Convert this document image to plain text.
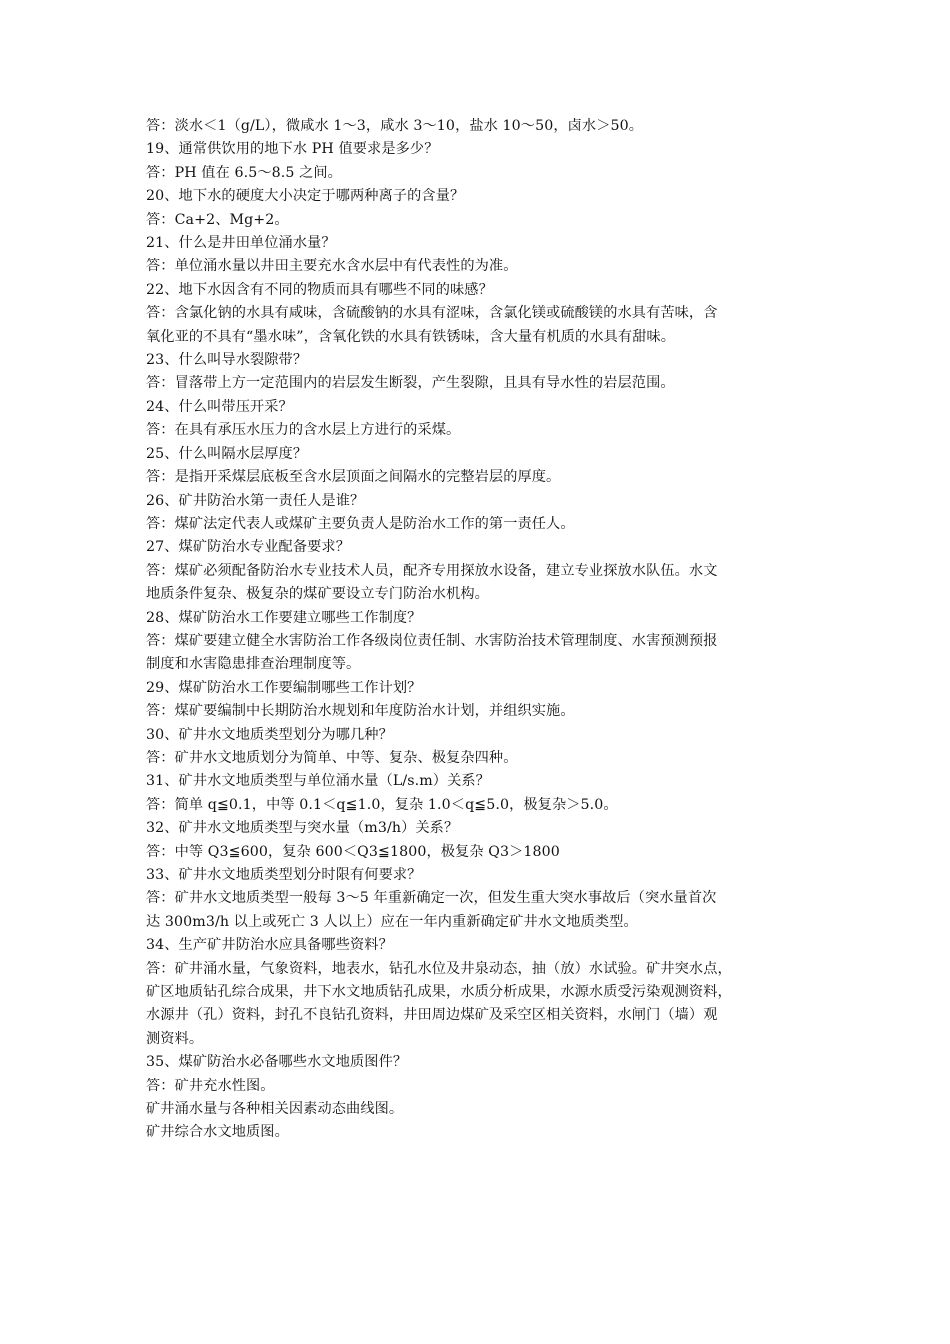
答：淡水＜1（g/L），微咸水 1～3，咸水 3～10，盐水 10～50，卤水＞50。
19、通常供饮用的地下水 PH 值要求是多少？
答：PH 值在 6.5～8.5 之间。
20、地下水的硬度大小决定于哪两种离子的含量？
答：Ca+2、Mg+2。
21、什么是井田单位涌水量？
答：单位涌水量以井田主要充水含水层中有代表性的为准。
22、地下水因含有不同的物质而具有哪些不同的味感？
答：含氯化钠的水具有咸味，含硫酸钠的水具有涩味，含氯化镁或硫酸镁的水具有苦味，含
氧化亚的不具有“墨水味”，含氧化铁的水具有铁锈味，含大量有机质的水具有甜味。
23、什么叫导水裂隙带？
答：冒落带上方一定范围内的岩层发生断裂，产生裂隙，且具有导水性的岩层范围。
24、什么叫带压开采？
答：在具有承压水压力的含水层上方进行的采煤。
25、什么叫隔水层厚度？
答：是指开采煤层底板至含水层顶面之间隔水的完整岩层的厚度。
26、矿井防治水第一责任人是谁？
答：煤矿法定代表人或煤矿主要负责人是防治水工作的第一责任人。
27、煤矿防治水专业配备要求？
答：煤矿必须配备防治水专业技术人员，配齐专用探放水设备，建立专业探放水队伍。水文
地质条件复杂、极复杂的煤矿要设立专门防治水机构。
28、煤矿防治水工作要建立哪些工作制度？
答：煤矿要建立健全水害防治工作各级岗位责任制、水害防治技术管理制度、水害预测预报
制度和水害隐患排查治理制度等。
29、煤矿防治水工作要编制哪些工作计划？
答：煤矿要编制中长期防治水规划和年度防治水计划，并组织实施。
30、矿井水文地质类型划分为哪几种？
答：矿井水文地质划分为简单、中等、复杂、极复杂四种。
31、矿井水文地质类型与单位涌水量（L/s.m）关系？
答：简单 q≦0.1，中等 0.1＜q≦1.0，复杂 1.0＜q≦5.0，极复杂＞5.0。
32、矿井水文地质类型与突水量（m3/h）关系？
答：中等 Q3≦600，复杂 600＜Q3≦1800，极复杂 Q3＞1800
33、矿井水文地质类型划分时限有何要求？
答：矿井水文地质类型一般每 3～5 年重新确定一次，但发生重大突水事故后（突水量首次
达 300m3/h 以上或死亡 3 人以上）应在一年内重新确定矿井水文地质类型。
34、生产矿井防治水应具备哪些资料？
答：矿井涌水量，气象资料，地表水，钻孔水位及井泉动态，抽（放）水试验。矿井突水点，
矿区地质钻孔综合成果，井下水文地质钻孔成果，水质分析成果，水源水质受污染观测资料，
水源井（孔）资料，封孔不良钻孔资料，井田周边煤矿及采空区相关资料，水闸门（墙）观
测资料。
35、煤矿防治水必备哪些水文地质图件？
答：矿井充水性图。
矿井涌水量与各种相关因素动态曲线图。
矿井综合水文地质图。
